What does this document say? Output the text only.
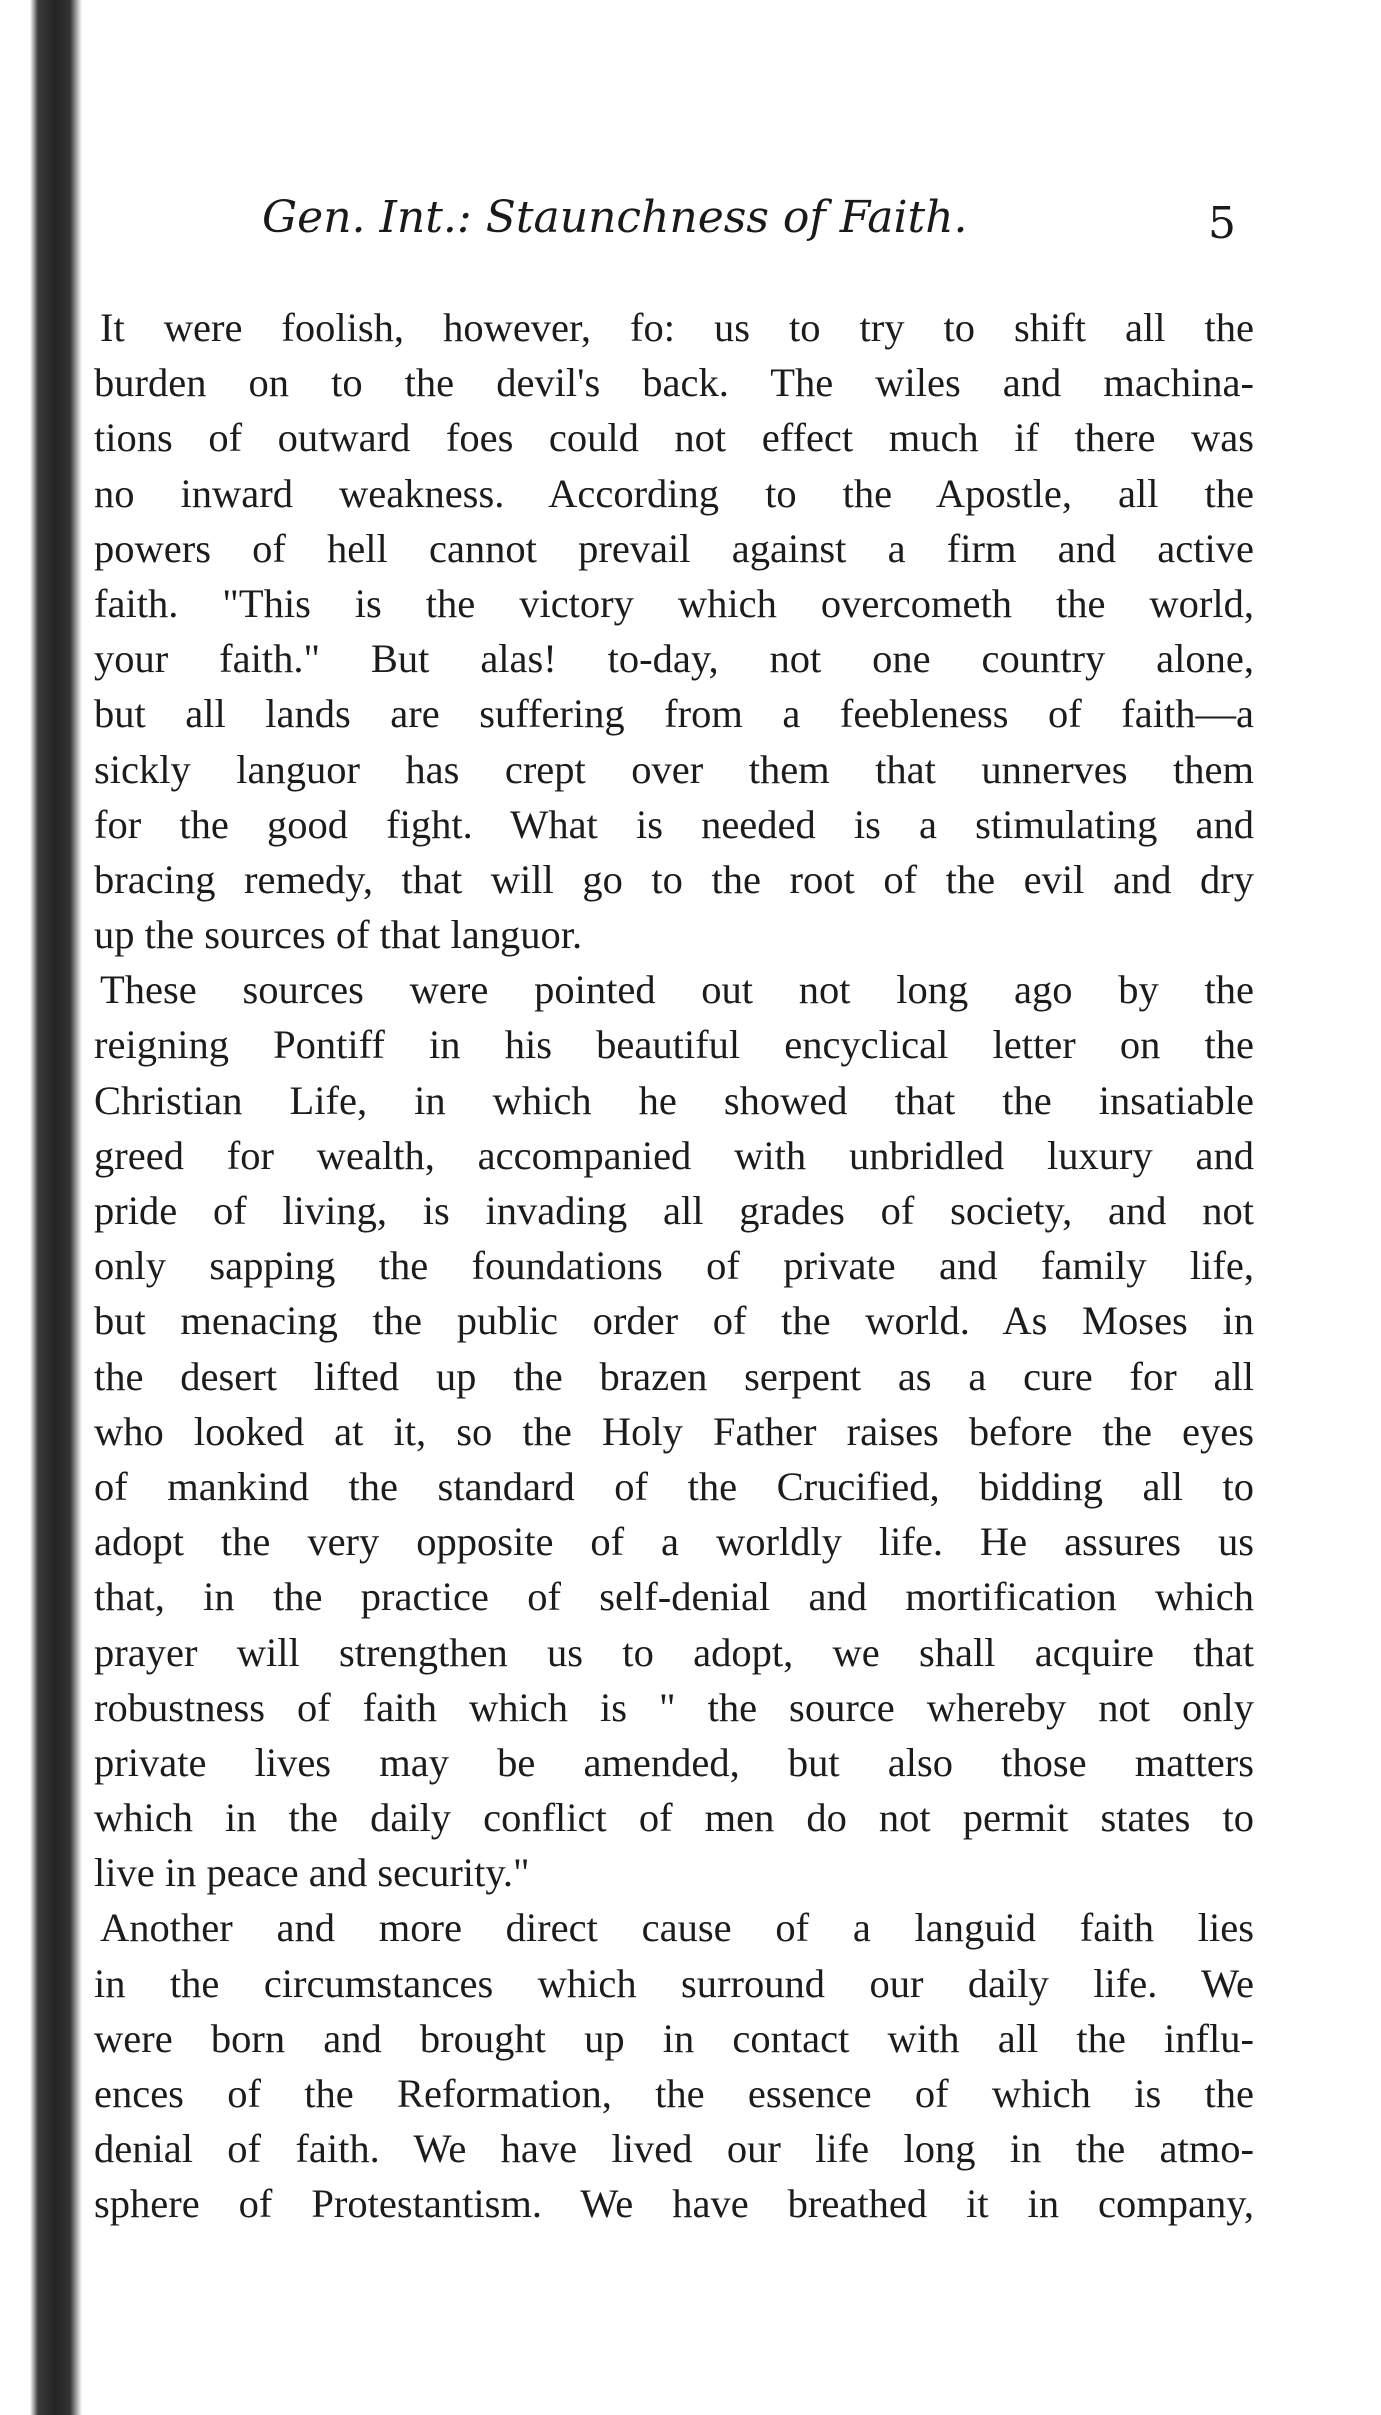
Gen. Int.: Staunchness of Faith.	5
It were foolish, however, fo: us to try to shift all the
burden on to the devil's back. The wiles and machina-
tions of outward foes could not effect much if there was
no inward weakness. According to the Apostle, all the
powers of hell cannot prevail against a firm and active
faith. "This is the victory which overcometh the world,
your faith." But alas! to-day, not one country alone,
but all lands are suffering from a feebleness of faith—a
sickly languor has crept over them that unnerves them
for the good fight. What is needed is a stimulating and
bracing remedy, that will go to the root of the evil and dry
up the sources of that languor.
These sources were pointed out not long ago by the
reigning Pontiff in his beautiful encyclical letter on the
Christian Life, in which he showed that the insatiable
greed for wealth, accompanied with unbridled luxury and
pride of living, is invading all grades of society, and not
only sapping the foundations of private and family life,
but menacing the public order of the world. As Moses in
the desert lifted up the brazen serpent as a cure for all
who looked at it, so the Holy Father raises before the eyes
of mankind the standard of the Crucified, bidding all to
adopt the very opposite of a worldly life. He assures us
that, in the practice of self-denial and mortification which
prayer will strengthen us to adopt, we shall acquire that
robustness of faith which is " the source whereby not only
private lives may be amended, but also those matters
which in the daily conflict of men do not permit states to
live in peace and security."
Another and more direct cause of a languid faith lies
in the circumstances which surround our daily life. We
were born and brought up in contact with all the influ-
ences of the Reformation, the essence of which is the
denial of faith. We have lived our life long in the atmo-
sphere of Protestantism. We have breathed it in company,
